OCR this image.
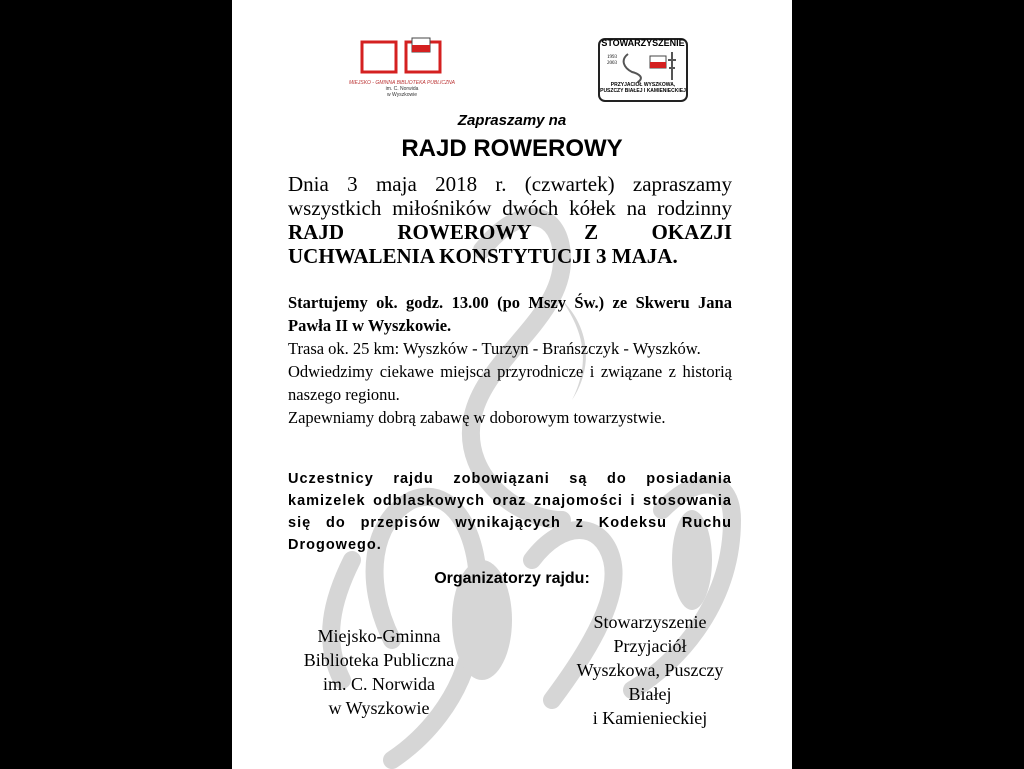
MIEJSKO - GMINNA BIBLIOTEKA PUBLICZNA
im. C. Norwida
w Wyszkowie
STOWARZYSZENIE
1993
2003
PRZYJACIÓŁ WYSZKOWA,
PUSZCZY BIAŁEJ I KAMIENIECKIEJ
Zapraszamy na
RAJD ROWEROWY
Dnia 3 maja 2018 r. (czwartek) zapraszamy wszystkich miłośników dwóch kółek na rodzinny RAJD ROWEROWY Z OKAZJI UCHWALENIA KONSTYTUCJI 3 MAJA.

Startujemy ok. godz. 13.00 (po Mszy Św.) ze Skweru Jana Pawła II w Wyszkowie.

Trasa ok. 25 km: Wyszków - Turzyn - Brańszczyk - Wyszków.

Odwiedzimy ciekawe miejsca przyrodnicze i związane z historią naszego regionu.

Zapewniamy dobrą zabawę w doborowym towarzystwie.

Uczestnicy rajdu zobowiązani są do posiadania kamizelek odblaskowych oraz znajomości i stosowania się do przepisów wynikających z Kodeksu Ruchu Drogowego.
Organizatorzy rajdu:
Miejsko-Gminna
Biblioteka Publiczna
im. C. Norwida
w Wyszkowie
Stowarzyszenie
Przyjaciół
Wyszkowa, Puszczy
Białej
i Kamienieckiej
